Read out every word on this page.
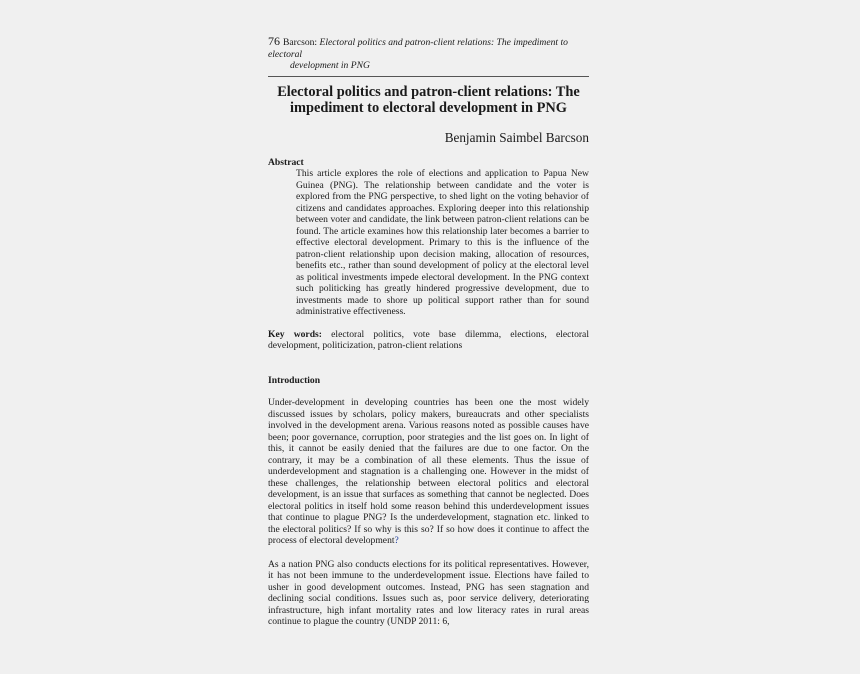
76 Barcson: Electoral politics and patron-client relations: The impediment to electoral
development in PNG
Electoral politics and patron-client relations: The impediment to electoral development in PNG
Benjamin Saimbel Barcson
Abstract

This article explores the role of elections and application to Papua New Guinea (PNG). The relationship between candidate and the voter is explored from the PNG perspective, to shed light on the voting behavior of citizens and candidates approaches. Exploring deeper into this relationship between voter and candidate, the link between patron-client relations can be found. The article examines how this relationship later becomes a barrier to effective electoral development. Primary to this is the influence of the patron-client relationship upon decision making, allocation of resources, benefits etc., rather than sound development of policy at the electoral level as political investments impede electoral development. In the PNG context such politicking has greatly hindered progressive development, due to investments made to shore up political support rather than for sound administrative effectiveness.

Key words: electoral politics, vote base dilemma, elections, electoral development, politicization, patron-client relations
Introduction
Under-development in developing countries has been one the most widely discussed issues by scholars, policy makers, bureaucrats and other specialists involved in the development arena. Various reasons noted as possible causes have been; poor governance, corruption, poor strategies and the list goes on. In light of this, it cannot be easily denied that the failures are due to one factor. On the contrary, it may be a combination of all these elements. Thus the issue of underdevelopment and stagnation is a challenging one. However in the midst of these challenges, the relationship between electoral politics and electoral development, is an issue that surfaces as something that cannot be neglected. Does electoral politics in itself hold some reason behind this underdevelopment issues that continue to plague PNG? Is the underdevelopment, stagnation etc. linked to the electoral politics? If so why is this so? If so how does it continue to affect the process of electoral development?
As a nation PNG also conducts elections for its political representatives. However, it has not been immune to the underdevelopment issue. Elections have failed to usher in good development outcomes. Instead, PNG has seen stagnation and declining social conditions. Issues such as, poor service delivery, deteriorating infrastructure, high infant mortality rates and low literacy rates in rural areas continue to plague the country (UNDP 2011: 6,
